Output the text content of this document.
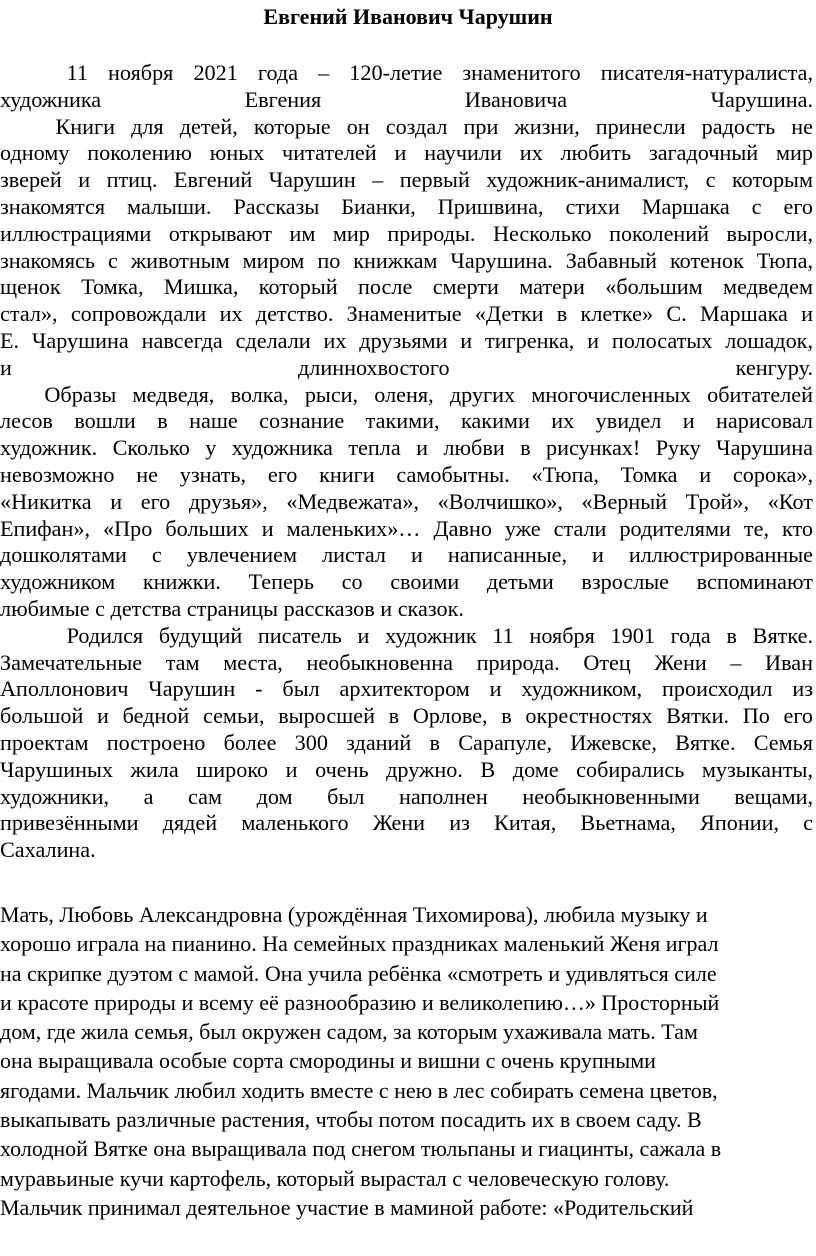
Евгений Иванович Чарушин
11 ноября 2021 года – 120-летие знаменитого писателя-натуралиста,
художника Евгения Ивановича Чарушина.
Книги для детей, которые он создал при жизни, принесли радость не
одному поколению юных читателей и научили их любить загадочный мир
зверей и птиц. Евгений Чарушин – первый художник-анималист, с которым
знакомятся малыши. Рассказы Бианки, Пришвина, стихи Маршака с его
иллюстрациями открывают им мир природы. Несколько поколений выросли,
знакомясь с животным миром по книжкам Чарушина. Забавный котенок Тюпа,
щенок Томка, Мишка, который после смерти матери «большим медведем
стал», сопровождали их детство. Знаменитые «Детки в клетке» С. Маршака и
Е. Чарушина навсегда сделали их друзьями и тигренка, и полосатых лошадок,
и длиннохвостого кенгуру.
Образы медведя, волка, рыси, оленя, других многочисленных обитателей
лесов вошли в наше сознание такими, какими их увидел и нарисовал
художник. Сколько у художника тепла и любви в рисунках! Руку Чарушина
невозможно не узнать, его книги самобытны. «Тюпа, Томка и сорока»,
«Никитка и его друзья», «Медвежата», «Волчишко», «Верный Трой», «Кот
Епифан», «Про больших и маленьких»… Давно уже стали родителями те, кто
дошколятами с увлечением листал и написанные, и иллюстрированные
художником книжки. Теперь со своими детьми взрослые вспоминают
любимые с детства страницы рассказов и сказок.
Родился будущий писатель и художник 11 ноября 1901 года в Вятке.
Замечательные там места, необыкновенна природа. Отец Жени – Иван
Аполлонович Чарушин - был архитектором и художником, происходил из
большой и бедной семьи, выросшей в Орлове, в окрестностях Вятки. По его
проектам построено более 300 зданий в Сарапуле, Ижевске, Вятке. Семья
Чарушиных жила широко и очень дружно. В доме собирались музыканты,
художники, а сам дом был наполнен необыкновенными вещами,
привезёнными дядей маленького Жени из Китая, Вьетнама, Японии, с
Сахалина.
Мать, Любовь Александровна (урождённая Тихомирова), любила музыку и
хорошо играла на пианино. На семейных праздниках маленький Женя играл
на скрипке дуэтом с мамой. Она учила ребёнка «смотреть и удивляться силе
и красоте природы и всему её разнообразию и великолепию…» Просторный
дом, где жила семья, был окружен садом, за которым ухаживала мать. Там
она выращивала особые сорта смородины и вишни с очень крупными
ягодами. Мальчик любил ходить вместе с нею в лес собирать семена цветов,
выкапывать различные растения, чтобы потом посадить их в своем саду. В
холодной Вятке она выращивала под снегом тюльпаны и гиацинты, сажала в
муравьиные кучи картофель, который вырастал с человеческую голову.
Мальчик принимал деятельное участие в маминой работе: «Родительский
